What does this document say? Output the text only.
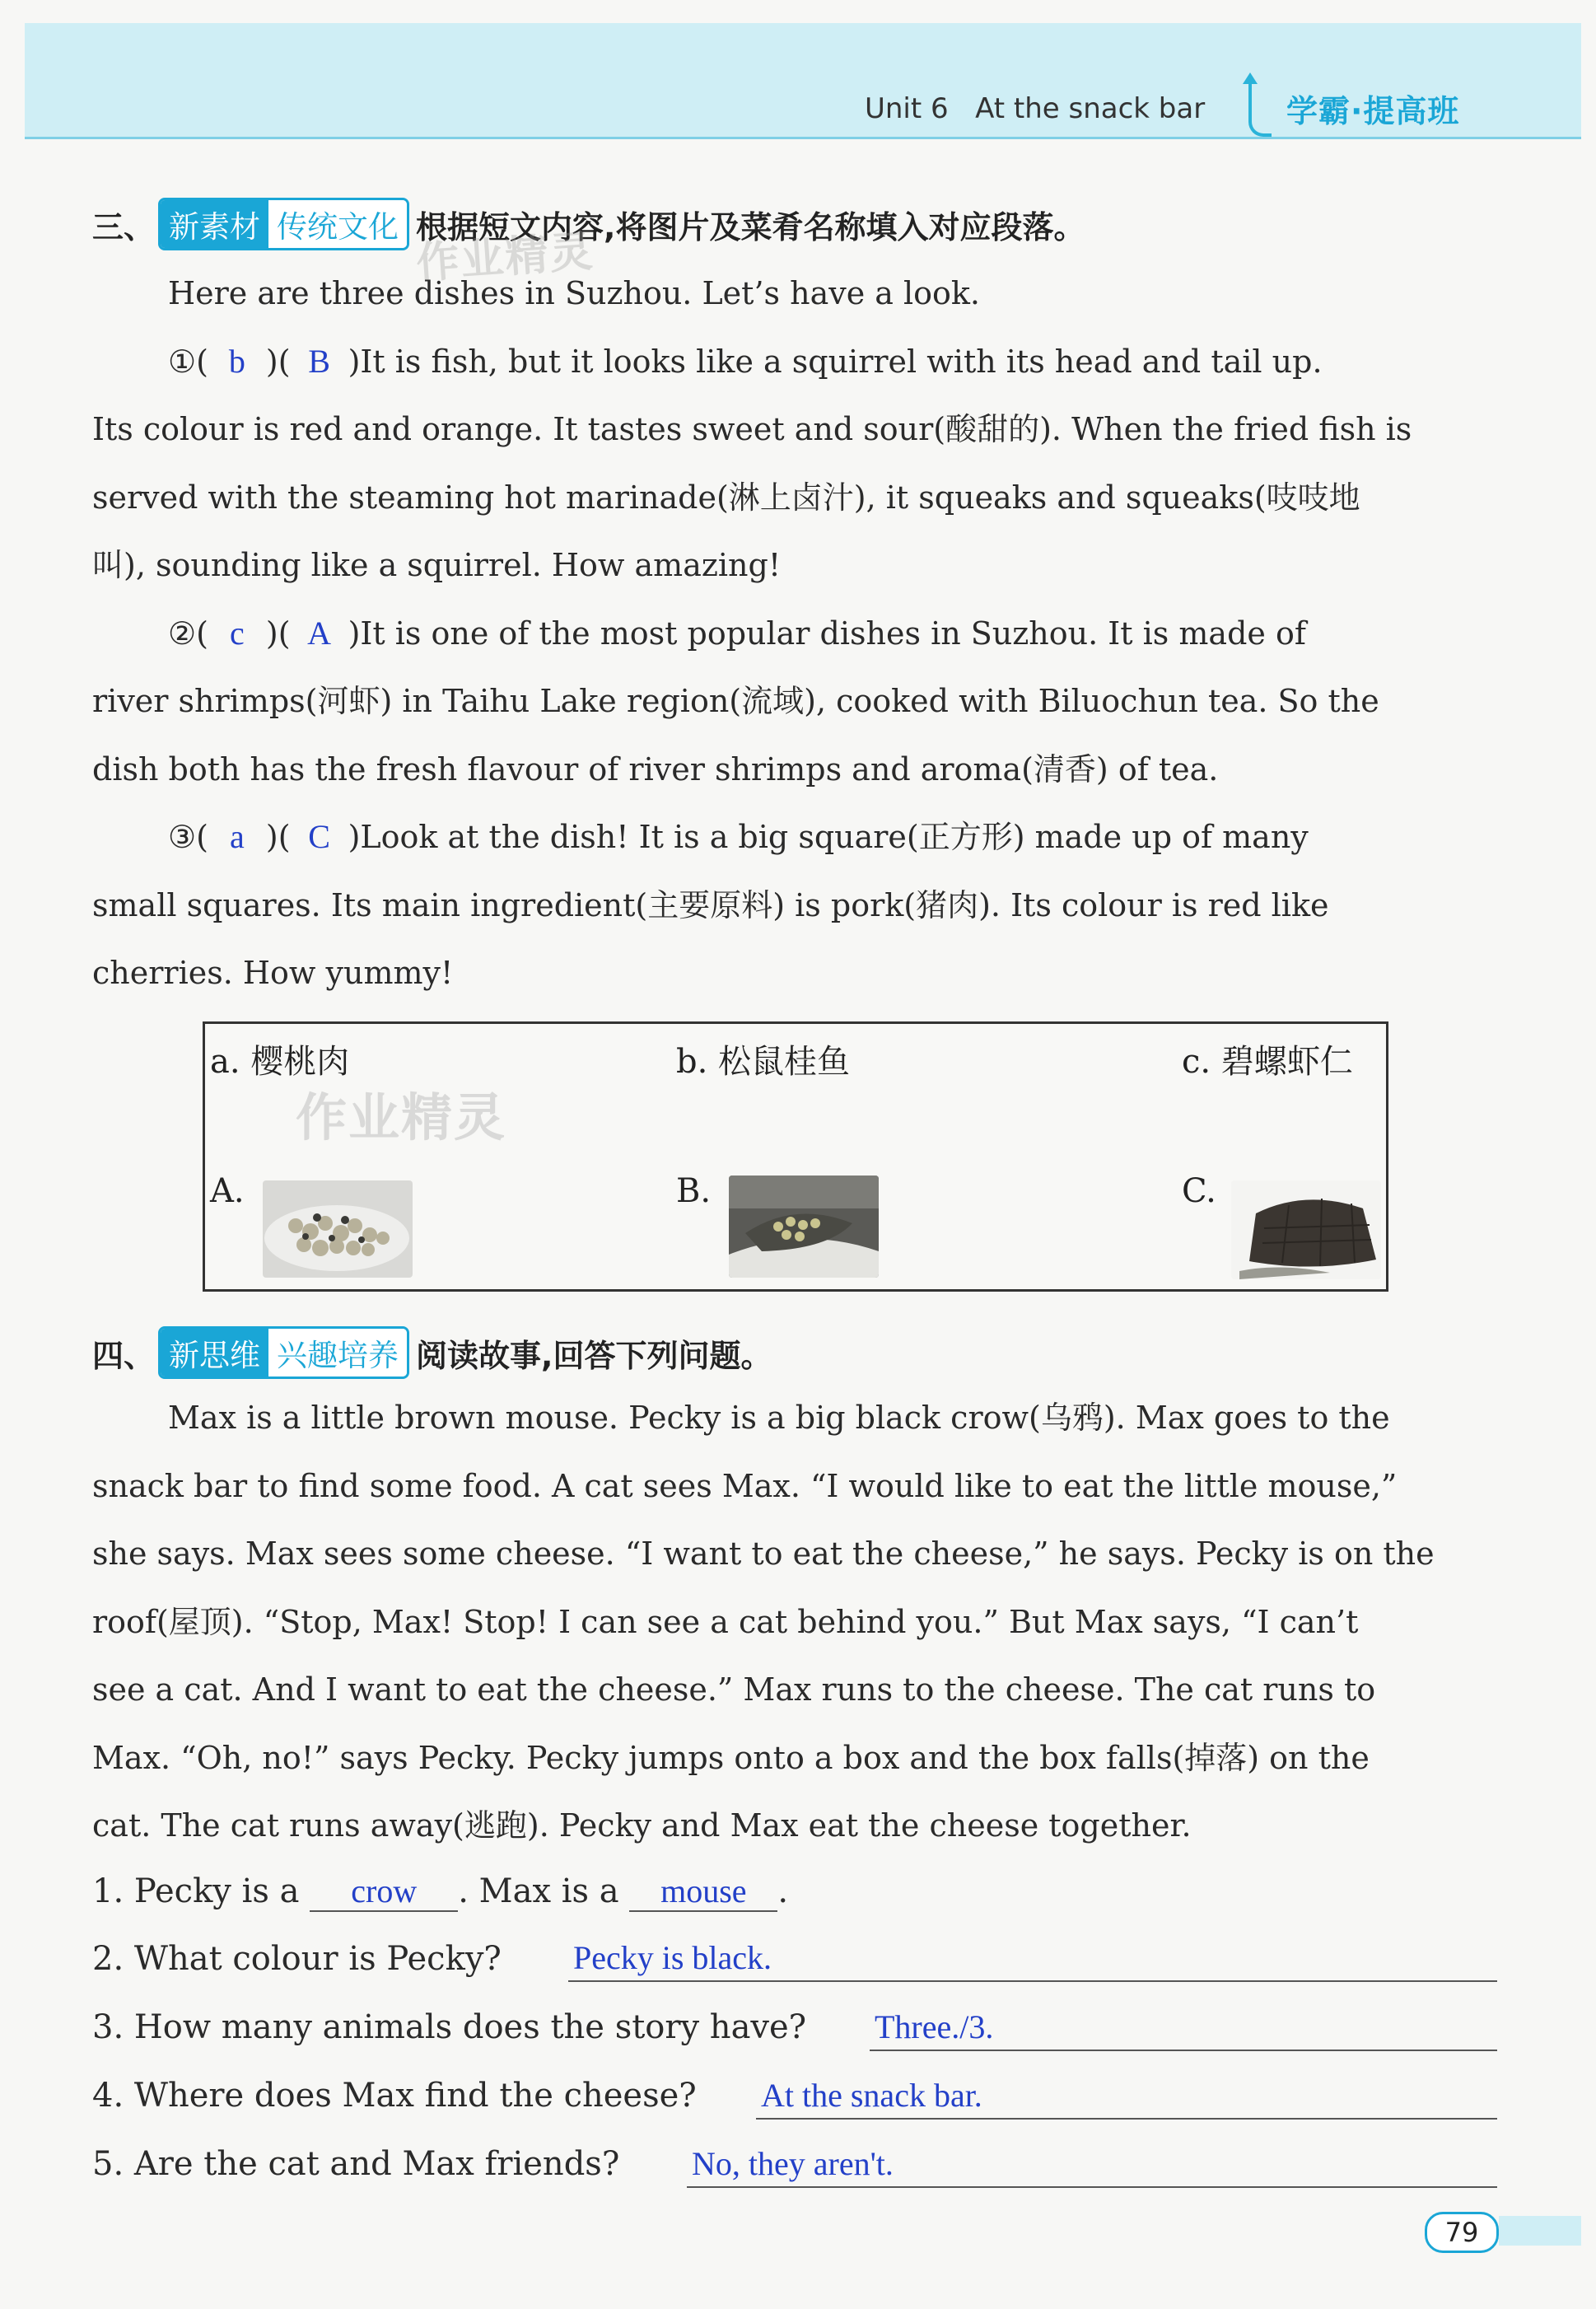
Unit 6 At the snack bar	学霸·提高班
三、 新素材 传统文化 根据短文内容,将图片及菜肴名称填入对应段落。
作业精灵
Here are three dishes in Suzhou. Let’s have a look.
①( b )( B )It is fish, but it looks like a squirrel with its head and tail up.
Its colour is red and orange. It tastes sweet and sour(酸甜的). When the fried fish is
served with the steaming hot marinade(淋上卤汁), it squeaks and squeaks(吱吱地
叫), sounding like a squirrel. How amazing!
②( c )( A )It is one of the most popular dishes in Suzhou. It is made of
river shrimps(河虾) in Taihu Lake region(流域), cooked with Biluochun tea. So the
dish both has the fresh flavour of river shrimps and aroma(清香) of tea.
③( a )( C )Look at the dish! It is a big square(正方形) made up of many
small squares. Its main ingredient(主要原料) is pork(猪肉). Its colour is red like
cherries. How yummy!
a. 樱桃肉	b. 松鼠桂鱼	c. 碧螺虾仁
作业精灵
A.	B.	C.
四、 新思维 兴趣培养 阅读故事,回答下列问题。
Max is a little brown mouse. Pecky is a big black crow(乌鸦). Max goes to the
snack bar to find some food. A cat sees Max. “I would like to eat the little mouse,”
she says. Max sees some cheese. “I want to eat the cheese,” he says. Pecky is on the
roof(屋顶). “Stop, Max! Stop! I can see a cat behind you.” But Max says, “I can’t
see a cat. And I want to eat the cheese.” Max runs to the cheese. The cat runs to
Max. “Oh, no!” says Pecky. Pecky jumps onto a box and the box falls(掉落) on the
cat. The cat runs away(逃跑). Pecky and Max eat the cheese together.
1. Pecky is a crow . Max is a mouse .
2. What colour is Pecky? Pecky is black.
3. How many animals does the story have? Three./3.
4. Where does Max find the cheese? At the snack bar.
5. Are the cat and Max friends? No, they aren't.
79
